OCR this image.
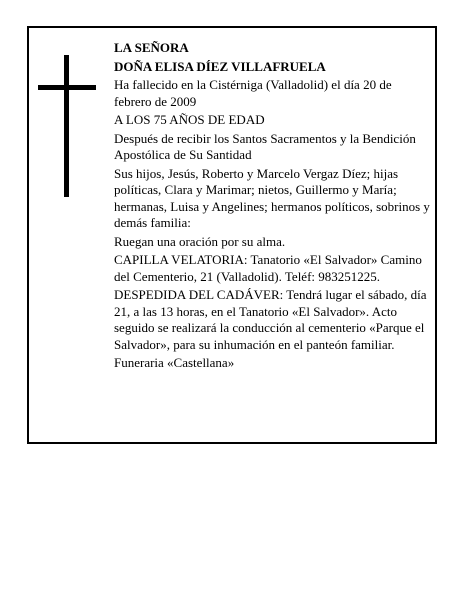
LA SEÑORA

DOÑA ELISA DÍEZ VILLAFRUELA

Ha fallecido en la Cistérniga (Valladolid) el día 20 de febrero de 2009

A LOS 75 AÑOS DE EDAD

Después de recibir los Santos Sacramentos y la Bendición Apostólica de Su Santidad

Sus hijos, Jesús, Roberto y Marcelo Vergaz Díez; hijas políticas, Clara y Marimar; nietos, Guillermo y María; hermanas, Luisa y Angelines; hermanos políticos, sobrinos y demás familia:

Ruegan una oración por su alma.

CAPILLA VELATORIA: Tanatorio «El Salvador» Camino del Cementerio, 21 (Valladolid). Teléf: 983251225.

DESPEDIDA DEL CADÁVER: Tendrá lugar el sábado, día 21, a las 13 horas, en el Tanatorio «El Salvador». Acto seguido se realizará la conducción al cementerio «Parque el Salvador», para su inhumación en el panteón familiar.

Funeraria «Castellana»
